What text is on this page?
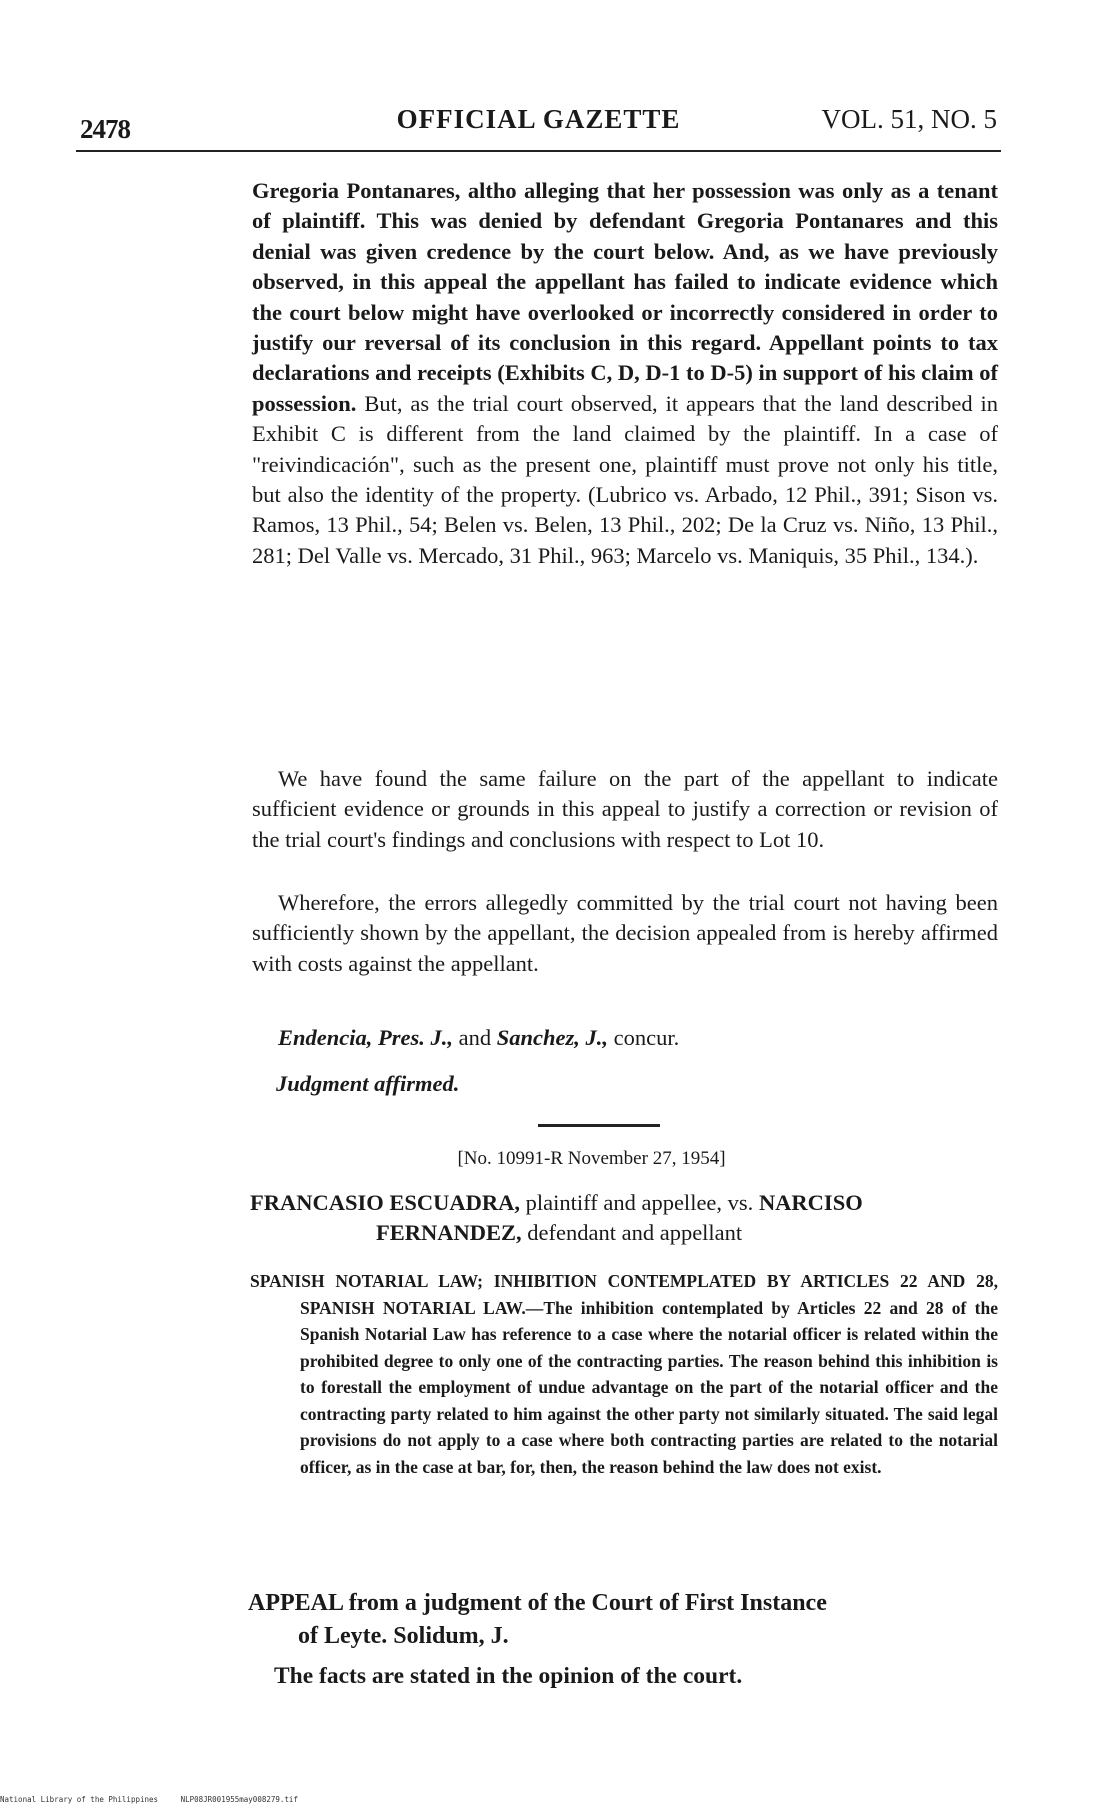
2478	OFFICIAL GAZETTE	VOL. 51, NO. 5
Gregoria Pontanares, altho alleging that her possession was only as a tenant of plaintiff. This was denied by defendant Gregoria Pontanares and this denial was given credence by the court below. And, as we have previously observed, in this appeal the appellant has failed to indicate evidence which the court below might have overlooked or incorrectly considered in order to justify our reversal of its conclusion in this regard. Appellant points to tax declarations and receipts (Exhibits C, D, D-1 to D-5) in support of his claim of possession. But, as the trial court observed, it appears that the land described in Exhibit C is different from the land claimed by the plaintiff. In a case of "reivindicación", such as the present one, plaintiff must prove not only his title, but also the identity of the property. (Lubrico vs. Arbado, 12 Phil., 391; Sison vs. Ramos, 13 Phil., 54; Belen vs. Belen, 13 Phil., 202; De la Cruz vs. Niño, 13 Phil., 281; Del Valle vs. Mercado, 31 Phil., 963; Marcelo vs. Maniquis, 35 Phil., 134.).
We have found the same failure on the part of the appellant to indicate sufficient evidence or grounds in this appeal to justify a correction or revision of the trial court's findings and conclusions with respect to Lot 10.
Wherefore, the errors allegedly committed by the trial court not having been sufficiently shown by the appellant, the decision appealed from is hereby affirmed with costs against the appellant.
Endencia, Pres. J., and Sanchez, J., concur.
Judgment affirmed.
[No. 10991-R November 27, 1954]
FRANCASIO ESCUADRA, plaintiff and appellee, vs. NARCISO
FERNANDEZ, defendant and appellant

SPANISH NOTARIAL LAW; INHIBITION CONTEMPLATED BY ARTICLES 22 AND 28, SPANISH NOTARIAL LAW.—The inhibition contemplated by Articles 22 and 28 of the Spanish Notarial Law has reference to a case where the notarial officer is related within the prohibited degree to only one of the contracting parties. The reason behind this inhibition is to forestall the employment of undue advantage on the part of the notarial officer and the contracting party related to him against the other party not similarly situated. The said legal provisions do not apply to a case where both contracting parties are related to the notarial officer, as in the case at bar, for, then, the reason behind the law does not exist.

APPEAL from a judgment of the Court of First Instance
of Leyte. Solidum, J.
The facts are stated in the opinion of the court.
National Library of the Philippines	NLP08JR001955may008279.tif
